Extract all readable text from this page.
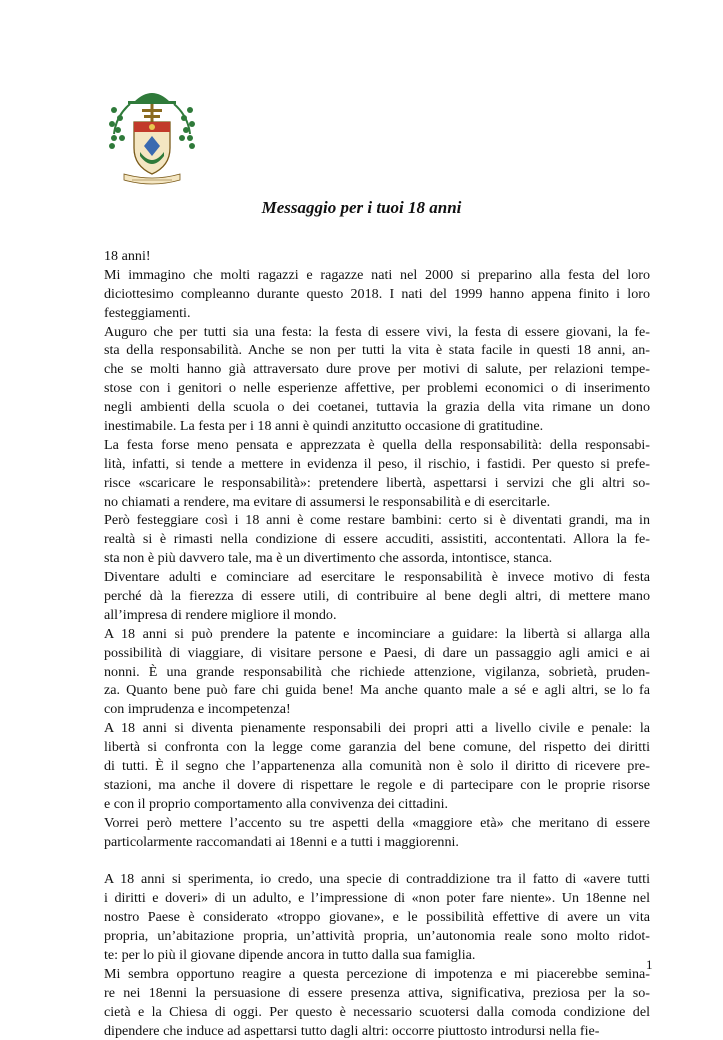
Messaggio per i tuoi 18 anni
18 anni!
Mi immagino che molti ragazzi e ragazze nati nel 2000 si preparino alla festa del loro
diciottesimo compleanno durante questo 2018. I nati del 1999 hanno appena finito i loro
festeggiamenti.
Auguro che per tutti sia una festa: la festa di essere vivi, la festa di essere giovani, la fe-
sta della responsabilità. Anche se non per tutti la vita è stata facile in questi 18 anni, an-
che se molti hanno già attraversato dure prove per motivi di salute, per relazioni tempe-
stose con i genitori o nelle esperienze affettive, per problemi economici o di inserimento
negli ambienti della scuola o dei coetanei, tuttavia la grazia della vita rimane un dono
inestimabile. La festa per i 18 anni è quindi anzitutto occasione di gratitudine.
La festa forse meno pensata e apprezzata è quella della responsabilità: della responsabi-
lità, infatti, si tende a mettere in evidenza il peso, il rischio, i fastidi. Per questo si prefe-
risce «scaricare le responsabilità»: pretendere libertà, aspettarsi i servizi che gli altri so-
no chiamati a rendere, ma evitare di assumersi le responsabilità e di esercitarle.
Però festeggiare così i 18 anni è come restare bambini: certo si è diventati grandi, ma in
realtà si è rimasti nella condizione di essere accuditi, assistiti, accontentati. Allora la fe-
sta non è più davvero tale, ma è un divertimento che assorda, intontisce, stanca.
Diventare adulti e cominciare ad esercitare le responsabilità è invece motivo di festa
perché dà la fierezza di essere utili, di contribuire al bene degli altri, di mettere mano
all’impresa di rendere migliore il mondo.
A 18 anni si può prendere la patente e incominciare a guidare: la libertà si allarga alla
possibilità di viaggiare, di visitare persone e Paesi, di dare un passaggio agli amici e ai
nonni. È una grande responsabilità che richiede attenzione, vigilanza, sobrietà, pruden-
za. Quanto bene può fare chi guida bene! Ma anche quanto male a sé e agli altri, se lo fa
con imprudenza e incompetenza!
A 18 anni si diventa pienamente responsabili dei propri atti a livello civile e penale: la
libertà si confronta con la legge come garanzia del bene comune, del rispetto dei diritti
di tutti. È il segno che l’appartenenza alla comunità non è solo il diritto di ricevere pre-
stazioni, ma anche il dovere di rispettare le regole e di partecipare con le proprie risorse
e con il proprio comportamento alla convivenza dei cittadini.
Vorrei però mettere l’accento su tre aspetti della «maggiore età» che meritano di essere
particolarmente raccomandati ai 18enni e a tutti i maggiorenni.
A 18 anni si sperimenta, io credo, una specie di contraddizione tra il fatto di «avere tutti
i diritti e doveri» di un adulto, e l’impressione di «non poter fare niente». Un 18enne nel
nostro Paese è considerato «troppo giovane», e le possibilità effettive di avere un vita
propria, un’abitazione propria, un’attività propria, un’autonomia reale sono molto ridot-
te: per lo più il giovane dipende ancora in tutto dalla sua famiglia.
Mi sembra opportuno reagire a questa percezione di impotenza e mi piacerebbe semina-
re nei 18enni la persuasione di essere presenza attiva, significativa, preziosa per la so-
cietà e la Chiesa di oggi. Per questo è necessario scuotersi dalla comoda condizione del
dipendere che induce ad aspettarsi tutto dagli altri: occorre piuttosto introdursi nella fie-
1
